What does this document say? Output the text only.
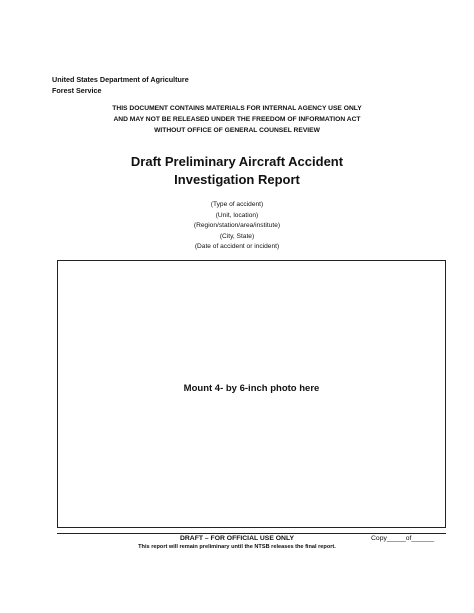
United States Department of Agriculture
Forest Service
THIS DOCUMENT CONTAINS MATERIALS FOR INTERNAL AGENCY USE ONLY
AND MAY NOT BE RELEASED UNDER THE FREEDOM OF INFORMATION ACT
WITHOUT OFFICE OF GENERAL COUNSEL REVIEW
Draft Preliminary Aircraft Accident
Investigation Report
(Type of accident)
(Unit, location)
(Region/station/area/institute)
(City, State)
(Date of accident or incident)
Mount 4- by 6-inch photo here
DRAFT – FOR OFFICIAL USE ONLY	Copy_____of______
This report will remain preliminary until the NTSB releases the final report.
